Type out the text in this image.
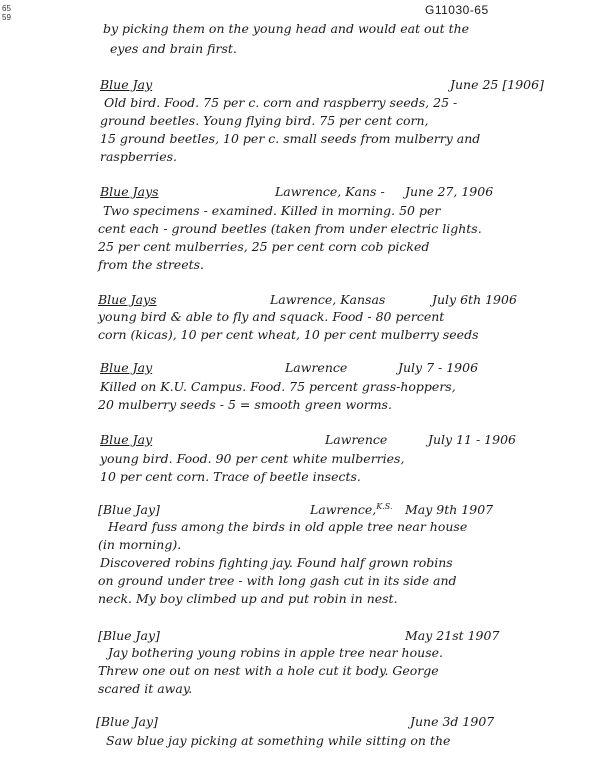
65
59
G11030-65
by picking them on the young head and would eat out the
eyes and brain first.
Blue Jay	June 25 [1906]
Old bird. Food. 75 per c. corn and raspberry seeds, 25 -
ground beetles. Young flying bird. 75 per cent corn,
15 ground beetles, 10 per c. small seeds from mulberry and
raspberries.
Blue Jays	Lawrence, Kans - June 27, 1906
Two specimens - examined. Killed in morning. 50 per
cent each - ground beetles (taken from under electric lights.
25 per cent mulberries, 25 per cent corn cob picked
from the streets.
Blue Jays	Lawrence, Kansas	July 6th 1906
young bird & able to fly and squack. Food - 80 percent
corn (kicas), 10 per cent wheat, 10 per cent mulberry seeds
Blue Jay	Lawrence	July 7 - 1906
Killed on K.U. Campus. Food. 75 percent grass-hoppers,
20 mulberry seeds - 5 = smooth green worms.
Blue Jay	Lawrence	July 11 - 1906
young bird. Food. 90 per cent white mulberries,
10 per cent corn. Trace of beetle insects.
[ Blue Jay ]	Lawrence,$^{K.S.}$ May 9th 1907
Heard fuss among the birds in old apple tree near house
(in morning).
Discovered robins fighting jay. Found half grown robins
on ground under tree - with long gash cut in its side and
neck. My boy climbed up and put robin in nest.
[ Blue Jay ]	May 21st 1907
Jay bothering young robins in apple tree near house.
Threw one out on nest with a hole cut it body. George
scared it away.
[ Blue Jay ]	June 3d 1907
Saw blue jay picking at something while sitting on the
